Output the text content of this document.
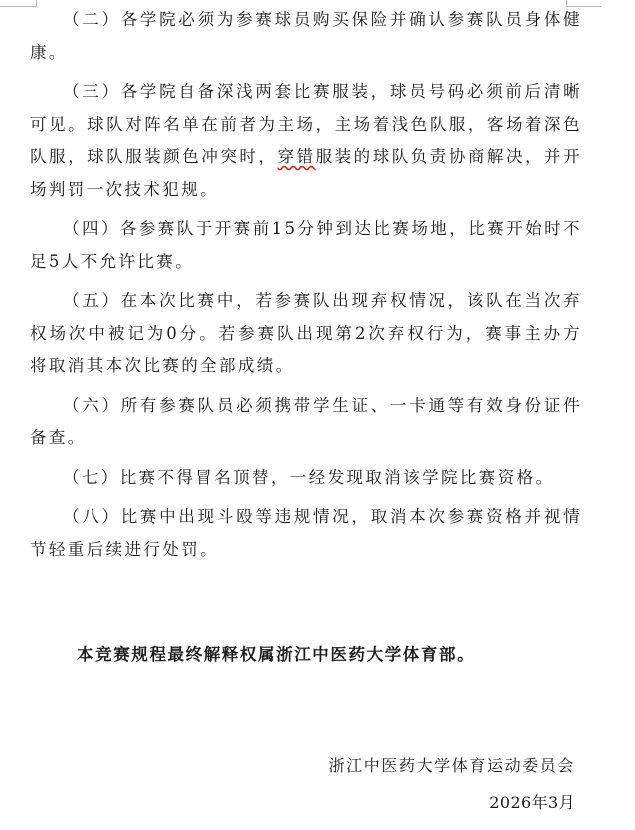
（二）各学院必须为参赛球员购买保险并确认参赛队员身体健康。

（三）各学院自备深浅两套比赛服装，球员号码必须前后清晰可见。球队对阵名单在前者为主场，主场着浅色队服，客场着深色队服，球队服装颜色冲突时，穿错服装的球队负责协商解决，并开场判罚一次技术犯规。

（四）各参赛队于开赛前15分钟到达比赛场地，比赛开始时不足5人不允许比赛。

（五）在本次比赛中，若参赛队出现弃权情况，该队在当次弃权场次中被记为0分。若参赛队出现第2次弃权行为，赛事主办方将取消其本次比赛的全部成绩。

（六）所有参赛队员必须携带学生证、一卡通等有效身份证件备查。

（七）比赛不得冒名顶替，一经发现取消该学院比赛资格。

（八）比赛中出现斗殴等违规情况，取消本次参赛资格并视情节轻重后续进行处罚。

本竞赛规程最终解释权属浙江中医药大学体育部。

浙江中医药大学体育运动委员会

2026年3月
